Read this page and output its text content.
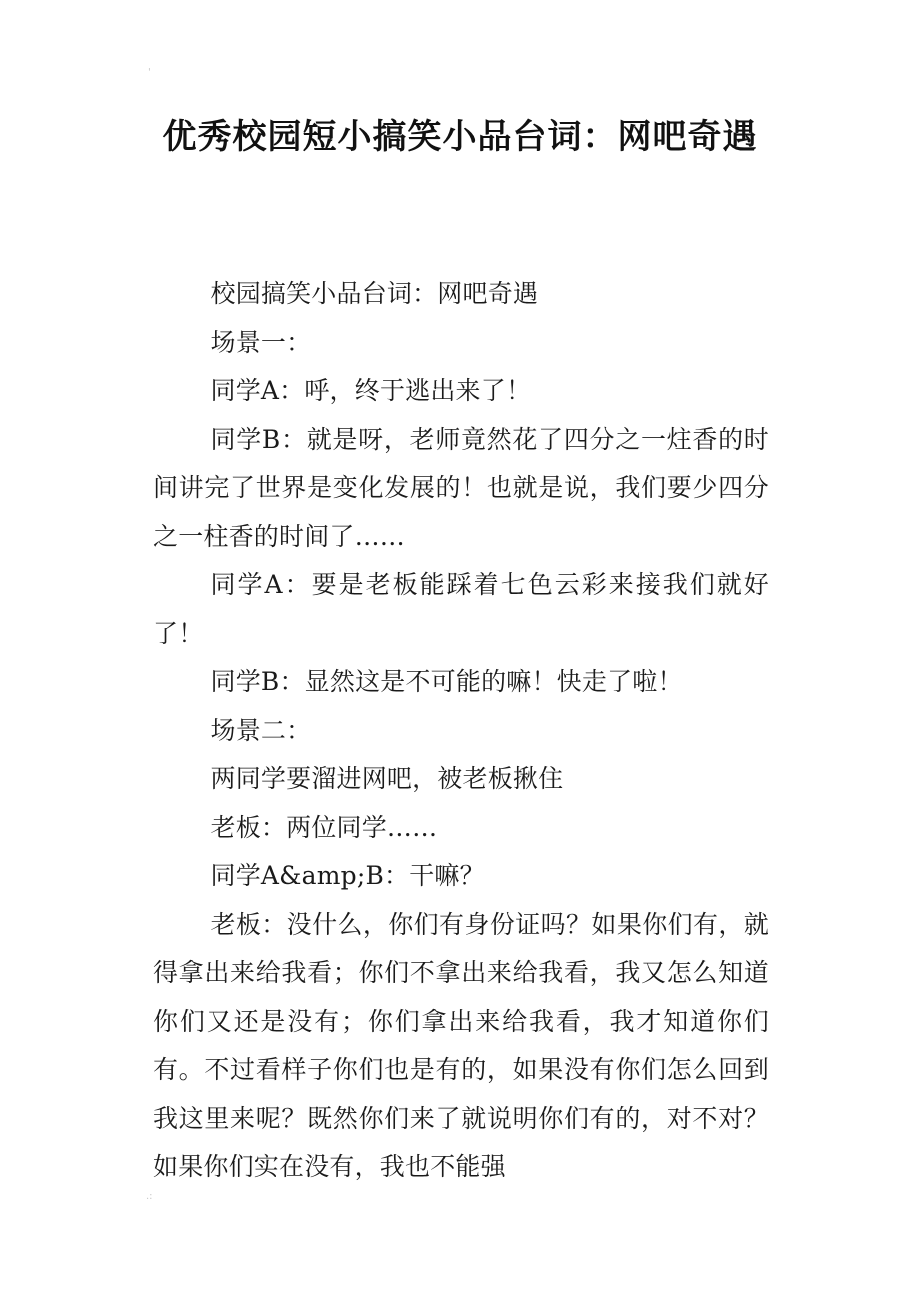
'
优秀校园短小搞笑小品台词：网吧奇遇

校园搞笑小品台词：网吧奇遇

场景一：

同学A：呼，终于逃出来了！

同学B：就是呀，老师竟然花了四分之一炷香的时间讲完了世界是变化发展的！也就是说，我们要少四分之一柱香的时间了……

同学A：要是老板能踩着七色云彩来接我们就好了！

同学B：显然这是不可能的嘛！快走了啦！

场景二：

两同学要溜进网吧，被老板揪住

老板：两位同学……

同学A&amp;B：干嘛？

老板：没什么，你们有身份证吗？如果你们有，就得拿出来给我看；你们不拿出来给我看，我又怎么知道你们又还是没有；你们拿出来给我看，我才知道你们有。不过看样子你们也是有的，如果没有你们怎么回到我这里来呢？既然你们来了就说明你们有的，对不对？如果你们实在没有，我也不能强

.:
